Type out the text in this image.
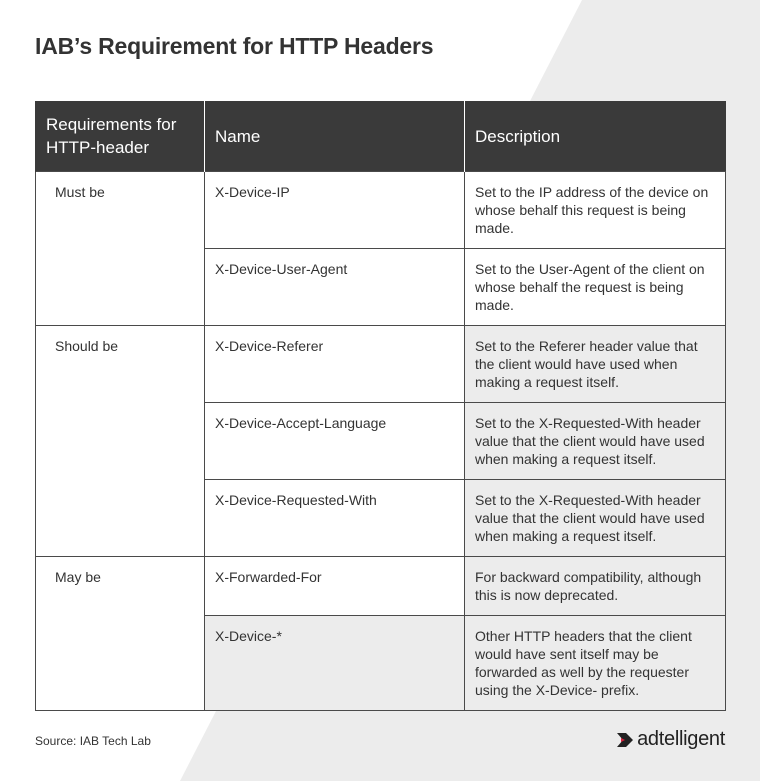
IAB’s Requirement for HTTP Headers
Requirements for HTTP-header	Name	Description
Must be	X-Device-IP	Set to the IP address of the device on whose behalf this request is being made.
	X-Device-User-Agent	Set to the User-Agent of the client on whose behalf the request is being made.
Should be	X-Device-Referer	Set to the Referer header value that the client would have used when making a request itself.
	X-Device-Accept-Language	Set to the X-Requested-With header value that the client would have used when making a request itself.
	X-Device-Requested-With	Set to the X-Requested-With header value that the client would have used when making a request itself.
May be	X-Forwarded-For	For backward compatibility, although this is now deprecated.
	X-Device-*	Other HTTP headers that the client would have sent itself may be forwarded as well by the requester using the X-Device- prefix.
Source: IAB Tech Lab	adtelligent
